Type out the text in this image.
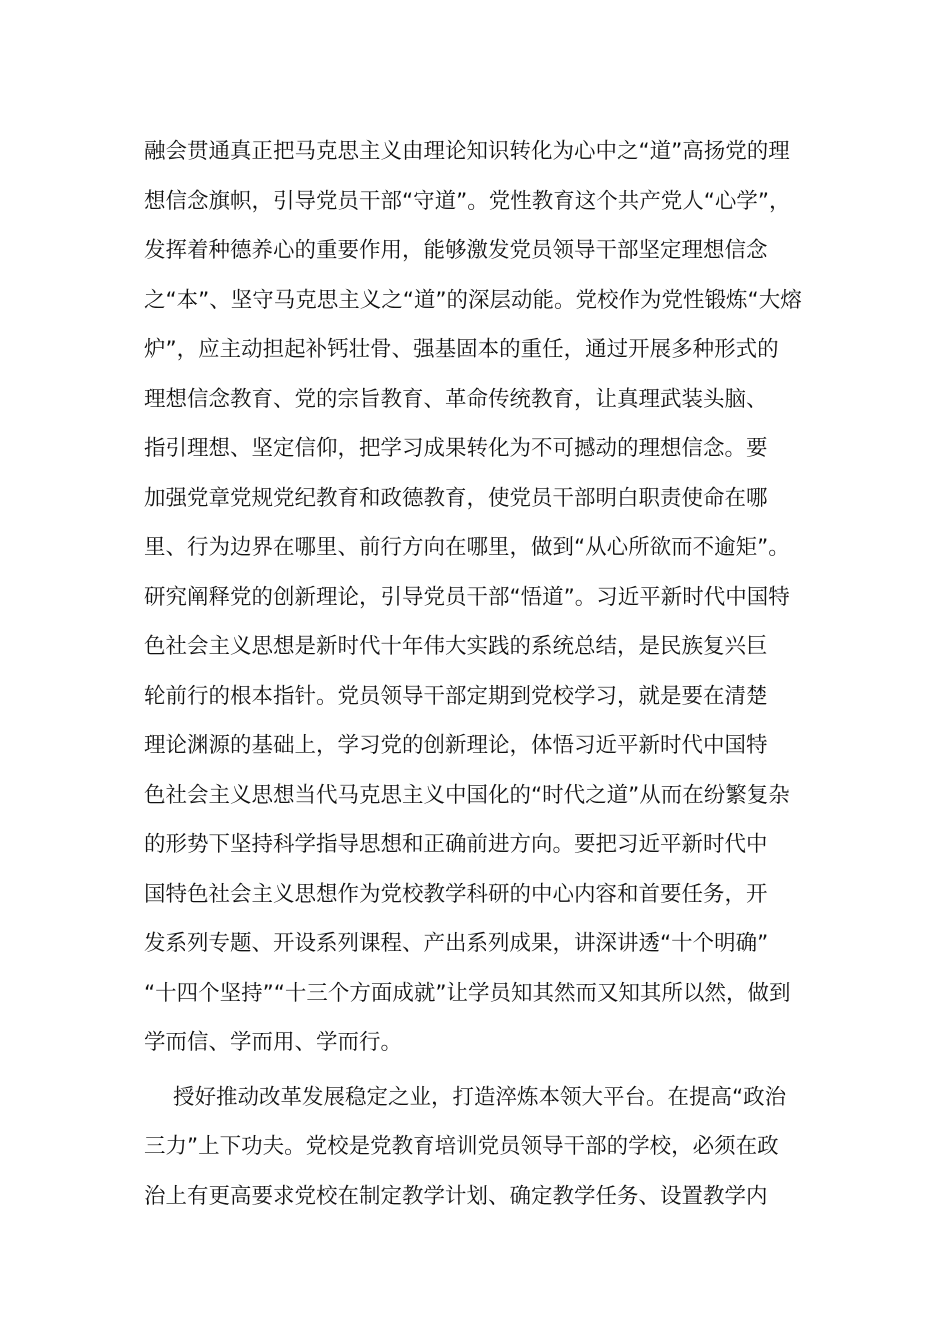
融会贯通真正把马克思主义由理论知识转化为心中之“道”高扬党的理
想信念旗帜，引导党员干部“守道”。党性教育这个共产党人“心学”，
发挥着种德养心的重要作用，能够激发党员领导干部坚定理想信念
之“本”、坚守马克思主义之“道”的深层动能。党校作为党性锻炼“大熔
炉”，应主动担起补钙壮骨、强基固本的重任，通过开展多种形式的
理想信念教育、党的宗旨教育、革命传统教育，让真理武装头脑、
指引理想、坚定信仰，把学习成果转化为不可撼动的理想信念。要
加强党章党规党纪教育和政德教育，使党员干部明白职责使命在哪
里、行为边界在哪里、前行方向在哪里，做到“从心所欲而不逾矩”。
研究阐释党的创新理论，引导党员干部“悟道”。习近平新时代中国特
色社会主义思想是新时代十年伟大实践的系统总结，是民族复兴巨
轮前行的根本指针。党员领导干部定期到党校学习，就是要在清楚
理论渊源的基础上，学习党的创新理论，体悟习近平新时代中国特
色社会主义思想当代马克思主义中国化的“时代之道”从而在纷繁复杂
的形势下坚持科学指导思想和正确前进方向。要把习近平新时代中
国特色社会主义思想作为党校教学科研的中心内容和首要任务，开
发系列专题、开设系列课程、产出系列成果，讲深讲透“十个明确”
“十四个坚持”“十三个方面成就”让学员知其然而又知其所以然，做到
学而信、学而用、学而行。
授好推动改革发展稳定之业，打造淬炼本领大平台。在提高“政治
三力”上下功夫。党校是党教育培训党员领导干部的学校，必须在政
治上有更高要求党校在制定教学计划、确定教学任务、设置教学内
